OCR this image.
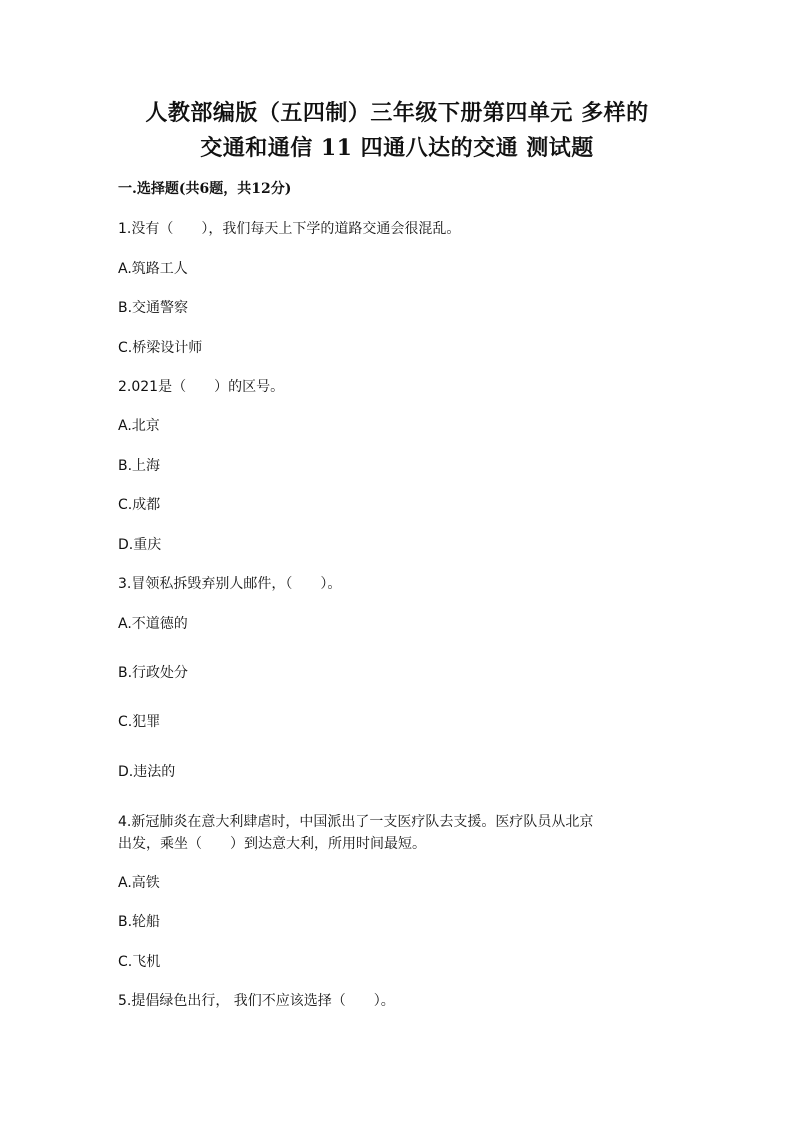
人教部编版（五四制）三年级下册第四单元 多样的
交通和通信 11 四通八达的交通 测试题
一.选择题(共6题，共12分)
1.没有（　　），我们每天上下学的道路交通会很混乱。
A.筑路工人
B.交通警察
C.桥梁设计师
2.021是（　　）的区号。
A.北京
B.上海
C.成都
D.重庆
3.冒领私拆毁弃别人邮件，（　　）。
A.不道德的
B.行政处分
C.犯罪
D.违法的
4.新冠肺炎在意大利肆虐时，中国派出了一支医疗队去支援。医疗队员从北京
出发，乘坐（　　）到达意大利，所用时间最短。
A.高铁
B.轮船
C.飞机
5.提倡绿色出行， 我们不应该选择（　　）。
